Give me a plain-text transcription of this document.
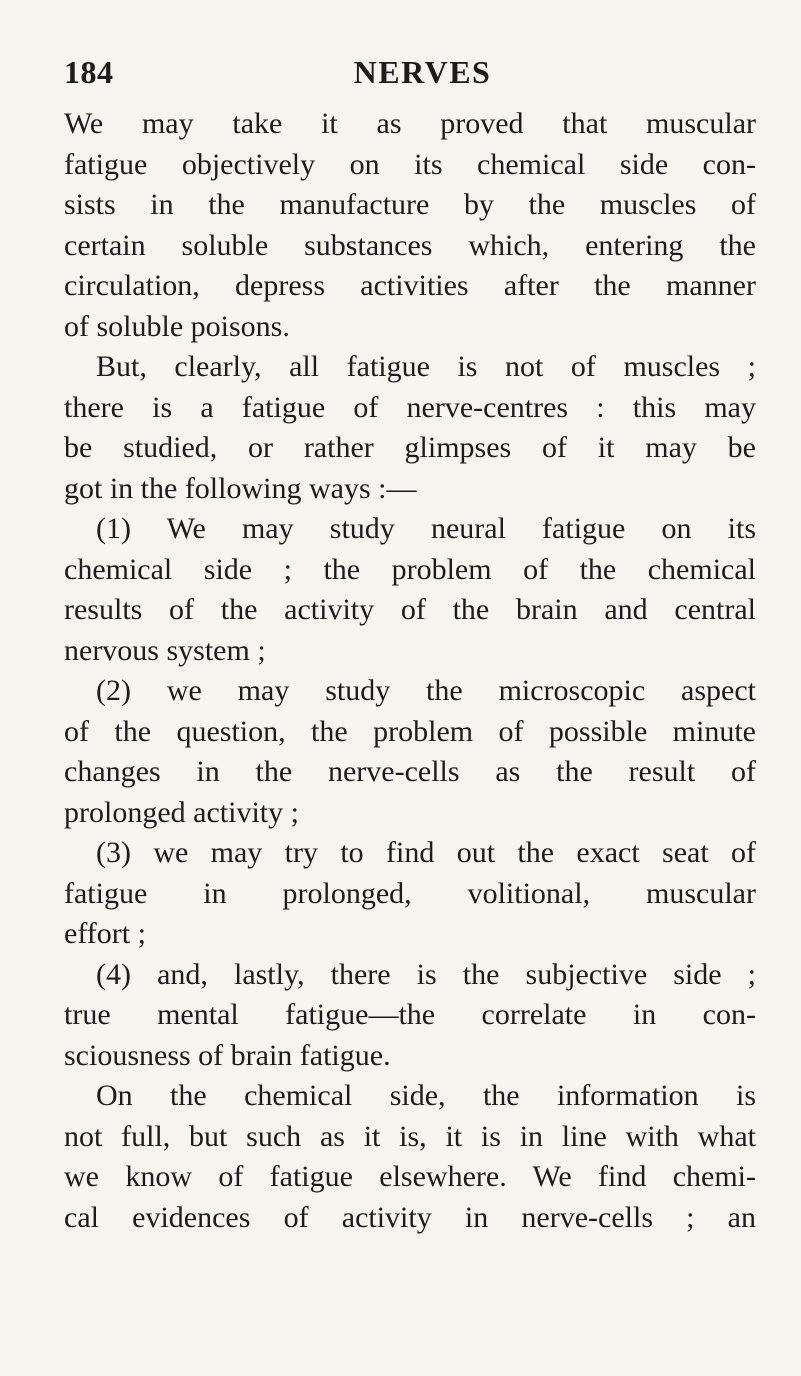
184	NERVES
We may take it as proved that muscular
fatigue objectively on its chemical side con-
sists in the manufacture by the muscles of
certain soluble substances which, entering the
circulation, depress activities after the manner
of soluble poisons.
But, clearly, all fatigue is not of muscles ;
there is a fatigue of nerve-centres : this may
be studied, or rather glimpses of it may be
got in the following ways :—
(1) We may study neural fatigue on its
chemical side ; the problem of the chemical
results of the activity of the brain and central
nervous system ;
(2) we may study the microscopic aspect
of the question, the problem of possible minute
changes in the nerve-cells as the result of
prolonged activity ;
(3) we may try to find out the exact seat of
fatigue in prolonged, volitional, muscular
effort ;
(4) and, lastly, there is the subjective side ;
true mental fatigue—the correlate in con-
sciousness of brain fatigue.
On the chemical side, the information is
not full, but such as it is, it is in line with what
we know of fatigue elsewhere. We find chemi-
cal evidences of activity in nerve-cells ; an
